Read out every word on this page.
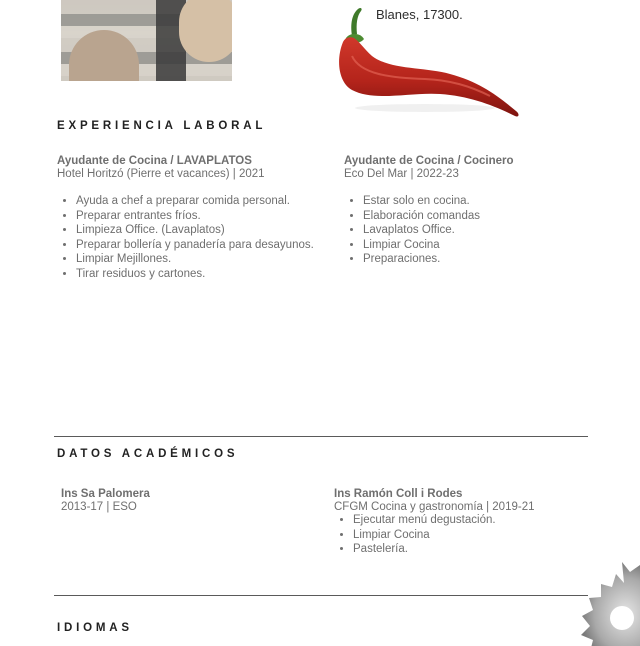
Blanes, 17300.
EXPERIENCIA LABORAL
Ayudante de Cocina / LAVAPLATOS
Hotel Horitzó (Pierre et vacances) | 2021
• Ayuda a chef a preparar comida personal.
• Preparar entrantes fríos.
• Limpieza Office. (Lavaplatos)
• Preparar bollería y panadería para desayunos.
• Limpiar Mejillones.
• Tirar residuos y cartones.
Ayudante de Cocina / Cocinero
Eco Del Mar | 2022-23
• Estar solo en cocina.
• Elaboración comandas
• Lavaplatos Office.
• Limpiar Cocina
• Preparaciones.
DATOS ACADÉMICOS
Ins Sa Palomera
2013-17 | ESO
Ins Ramón Coll i Rodes
CFGM Cocina y gastronomía | 2019-21
• Ejecutar menú degustación.
• Limpiar Cocina
• Pastelería.
IDIOMAS
